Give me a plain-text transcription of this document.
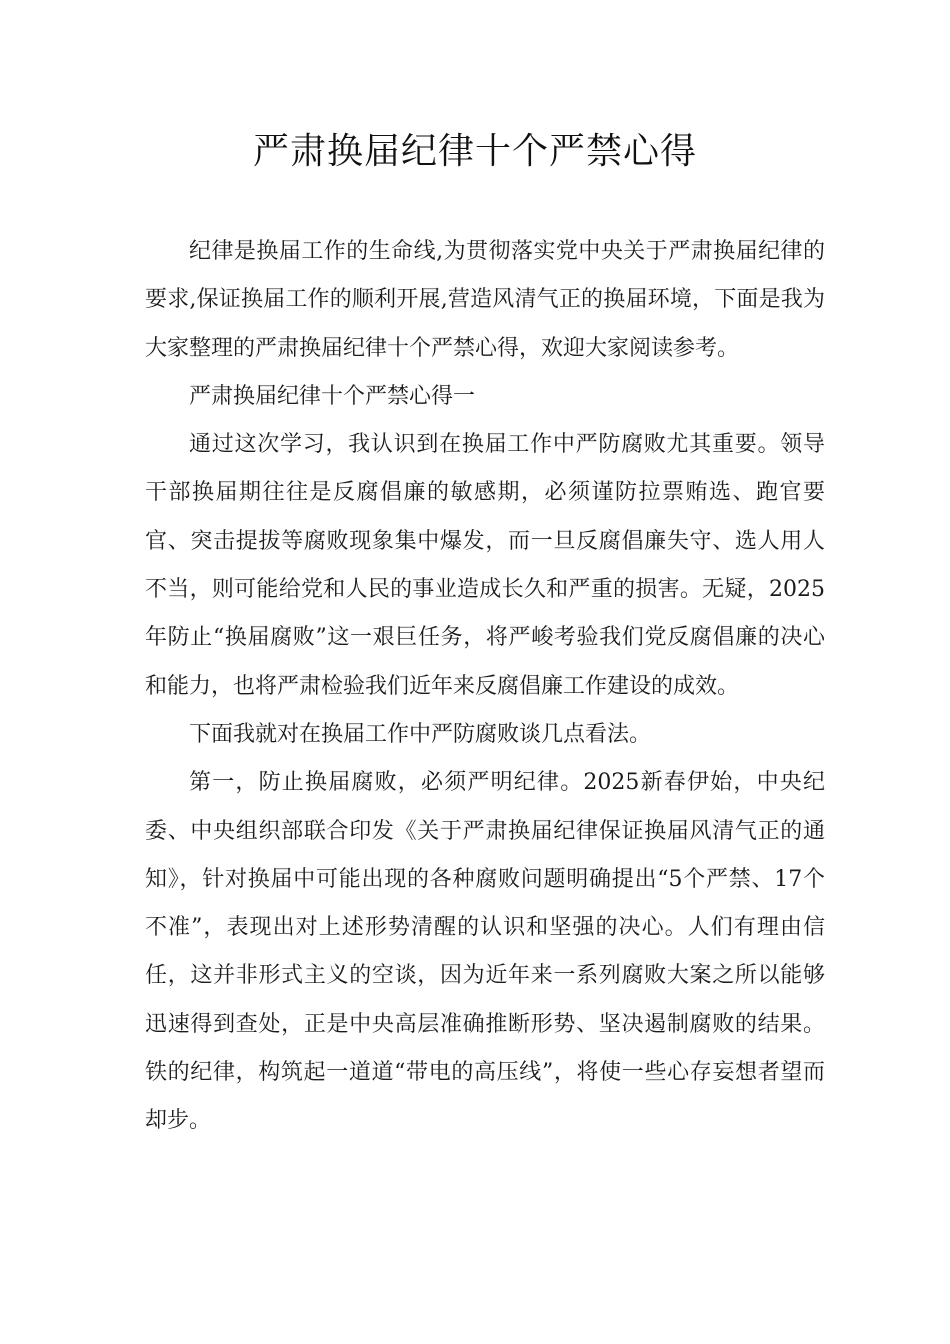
严肃换届纪律十个严禁心得

纪律是换届工作的生命线,为贯彻落实党中央关于严肃换届纪律的要求,保证换届工作的顺利开展,营造风清气正的换届环境，下面是我为大家整理的严肃换届纪律十个严禁心得，欢迎大家阅读参考。

严肃换届纪律十个严禁心得一

通过这次学习，我认识到在换届工作中严防腐败尤其重要。领导干部换届期往往是反腐倡廉的敏感期，必须谨防拉票贿选、跑官要官、突击提拔等腐败现象集中爆发，而一旦反腐倡廉失守、选人用人不当，则可能给党和人民的事业造成长久和严重的损害。无疑，2025年防止“换届腐败”这一艰巨任务，将严峻考验我们党反腐倡廉的决心和能力，也将严肃检验我们近年来反腐倡廉工作建设的成效。

下面我就对在换届工作中严防腐败谈几点看法。

第一，防止换届腐败，必须严明纪律。2025新春伊始，中央纪委、中央组织部联合印发《关于严肃换届纪律保证换届风清气正的通知》，针对换届中可能出现的各种腐败问题明确提出“5个严禁、17个不准”，表现出对上述形势清醒的认识和坚强的决心。人们有理由信任，这并非形式主义的空谈，因为近年来一系列腐败大案之所以能够迅速得到查处，正是中央高层准确推断形势、坚决遏制腐败的结果。铁的纪律，构筑起一道道“带电的高压线”，将使一些心存妄想者望而却步。
